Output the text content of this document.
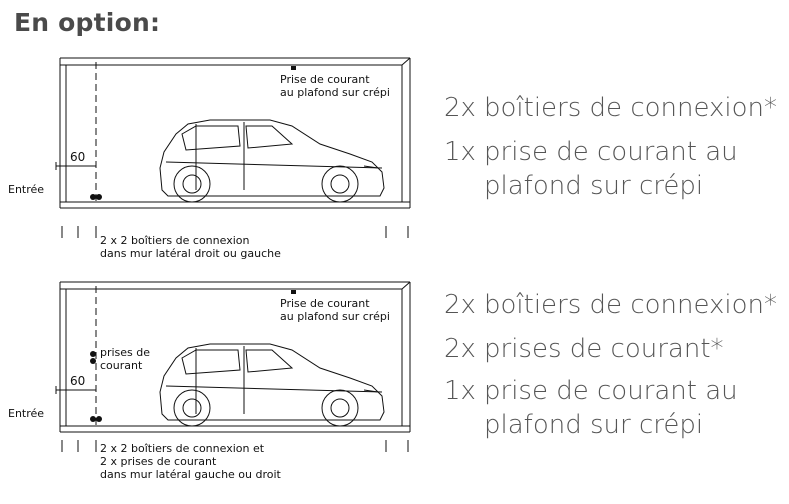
En option:
Prise de courant
au plafond sur crépi
60
Entrée
2 x 2 boîtiers de connexion
dans mur latéral droit ou gauche
2x boîtiers de connexion*
1x prise de courant au
plafond sur crépi
Prise de courant
au plafond sur crépi
prises de
courant
60
Entrée
2 x 2 boîtiers de connexion et
2 x prises de courant
dans mur latéral gauche ou droit
2x boîtiers de connexion*
2x prises de courant*
1x prise de courant au
plafond sur crépi
